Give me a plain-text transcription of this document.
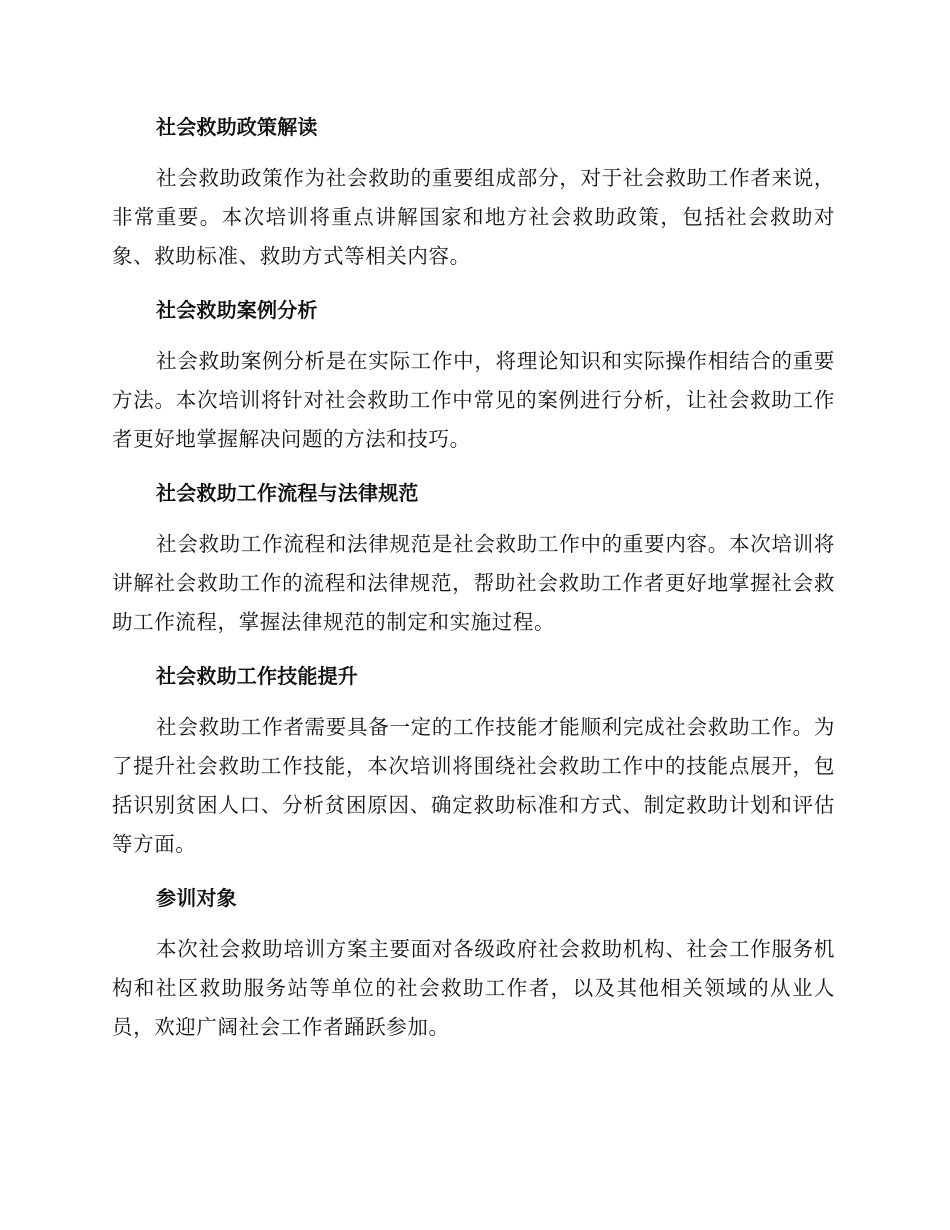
社会救助政策解读

社会救助政策作为社会救助的重要组成部分，对于社会救助工作者来说，非常重要。本次培训将重点讲解国家和地方社会救助政策，包括社会救助对象、救助标准、救助方式等相关内容。

社会救助案例分析

社会救助案例分析是在实际工作中，将理论知识和实际操作相结合的重要方法。本次培训将针对社会救助工作中常见的案例进行分析，让社会救助工作者更好地掌握解决问题的方法和技巧。

社会救助工作流程与法律规范

社会救助工作流程和法律规范是社会救助工作中的重要内容。本次培训将讲解社会救助工作的流程和法律规范，帮助社会救助工作者更好地掌握社会救助工作流程，掌握法律规范的制定和实施过程。

社会救助工作技能提升

社会救助工作者需要具备一定的工作技能才能顺利完成社会救助工作。为了提升社会救助工作技能，本次培训将围绕社会救助工作中的技能点展开，包括识别贫困人口、分析贫困原因、确定救助标准和方式、制定救助计划和评估等方面。

参训对象

本次社会救助培训方案主要面对各级政府社会救助机构、社会工作服务机构和社区救助服务站等单位的社会救助工作者，以及其他相关领域的从业人员，欢迎广阔社会工作者踊跃参加。
